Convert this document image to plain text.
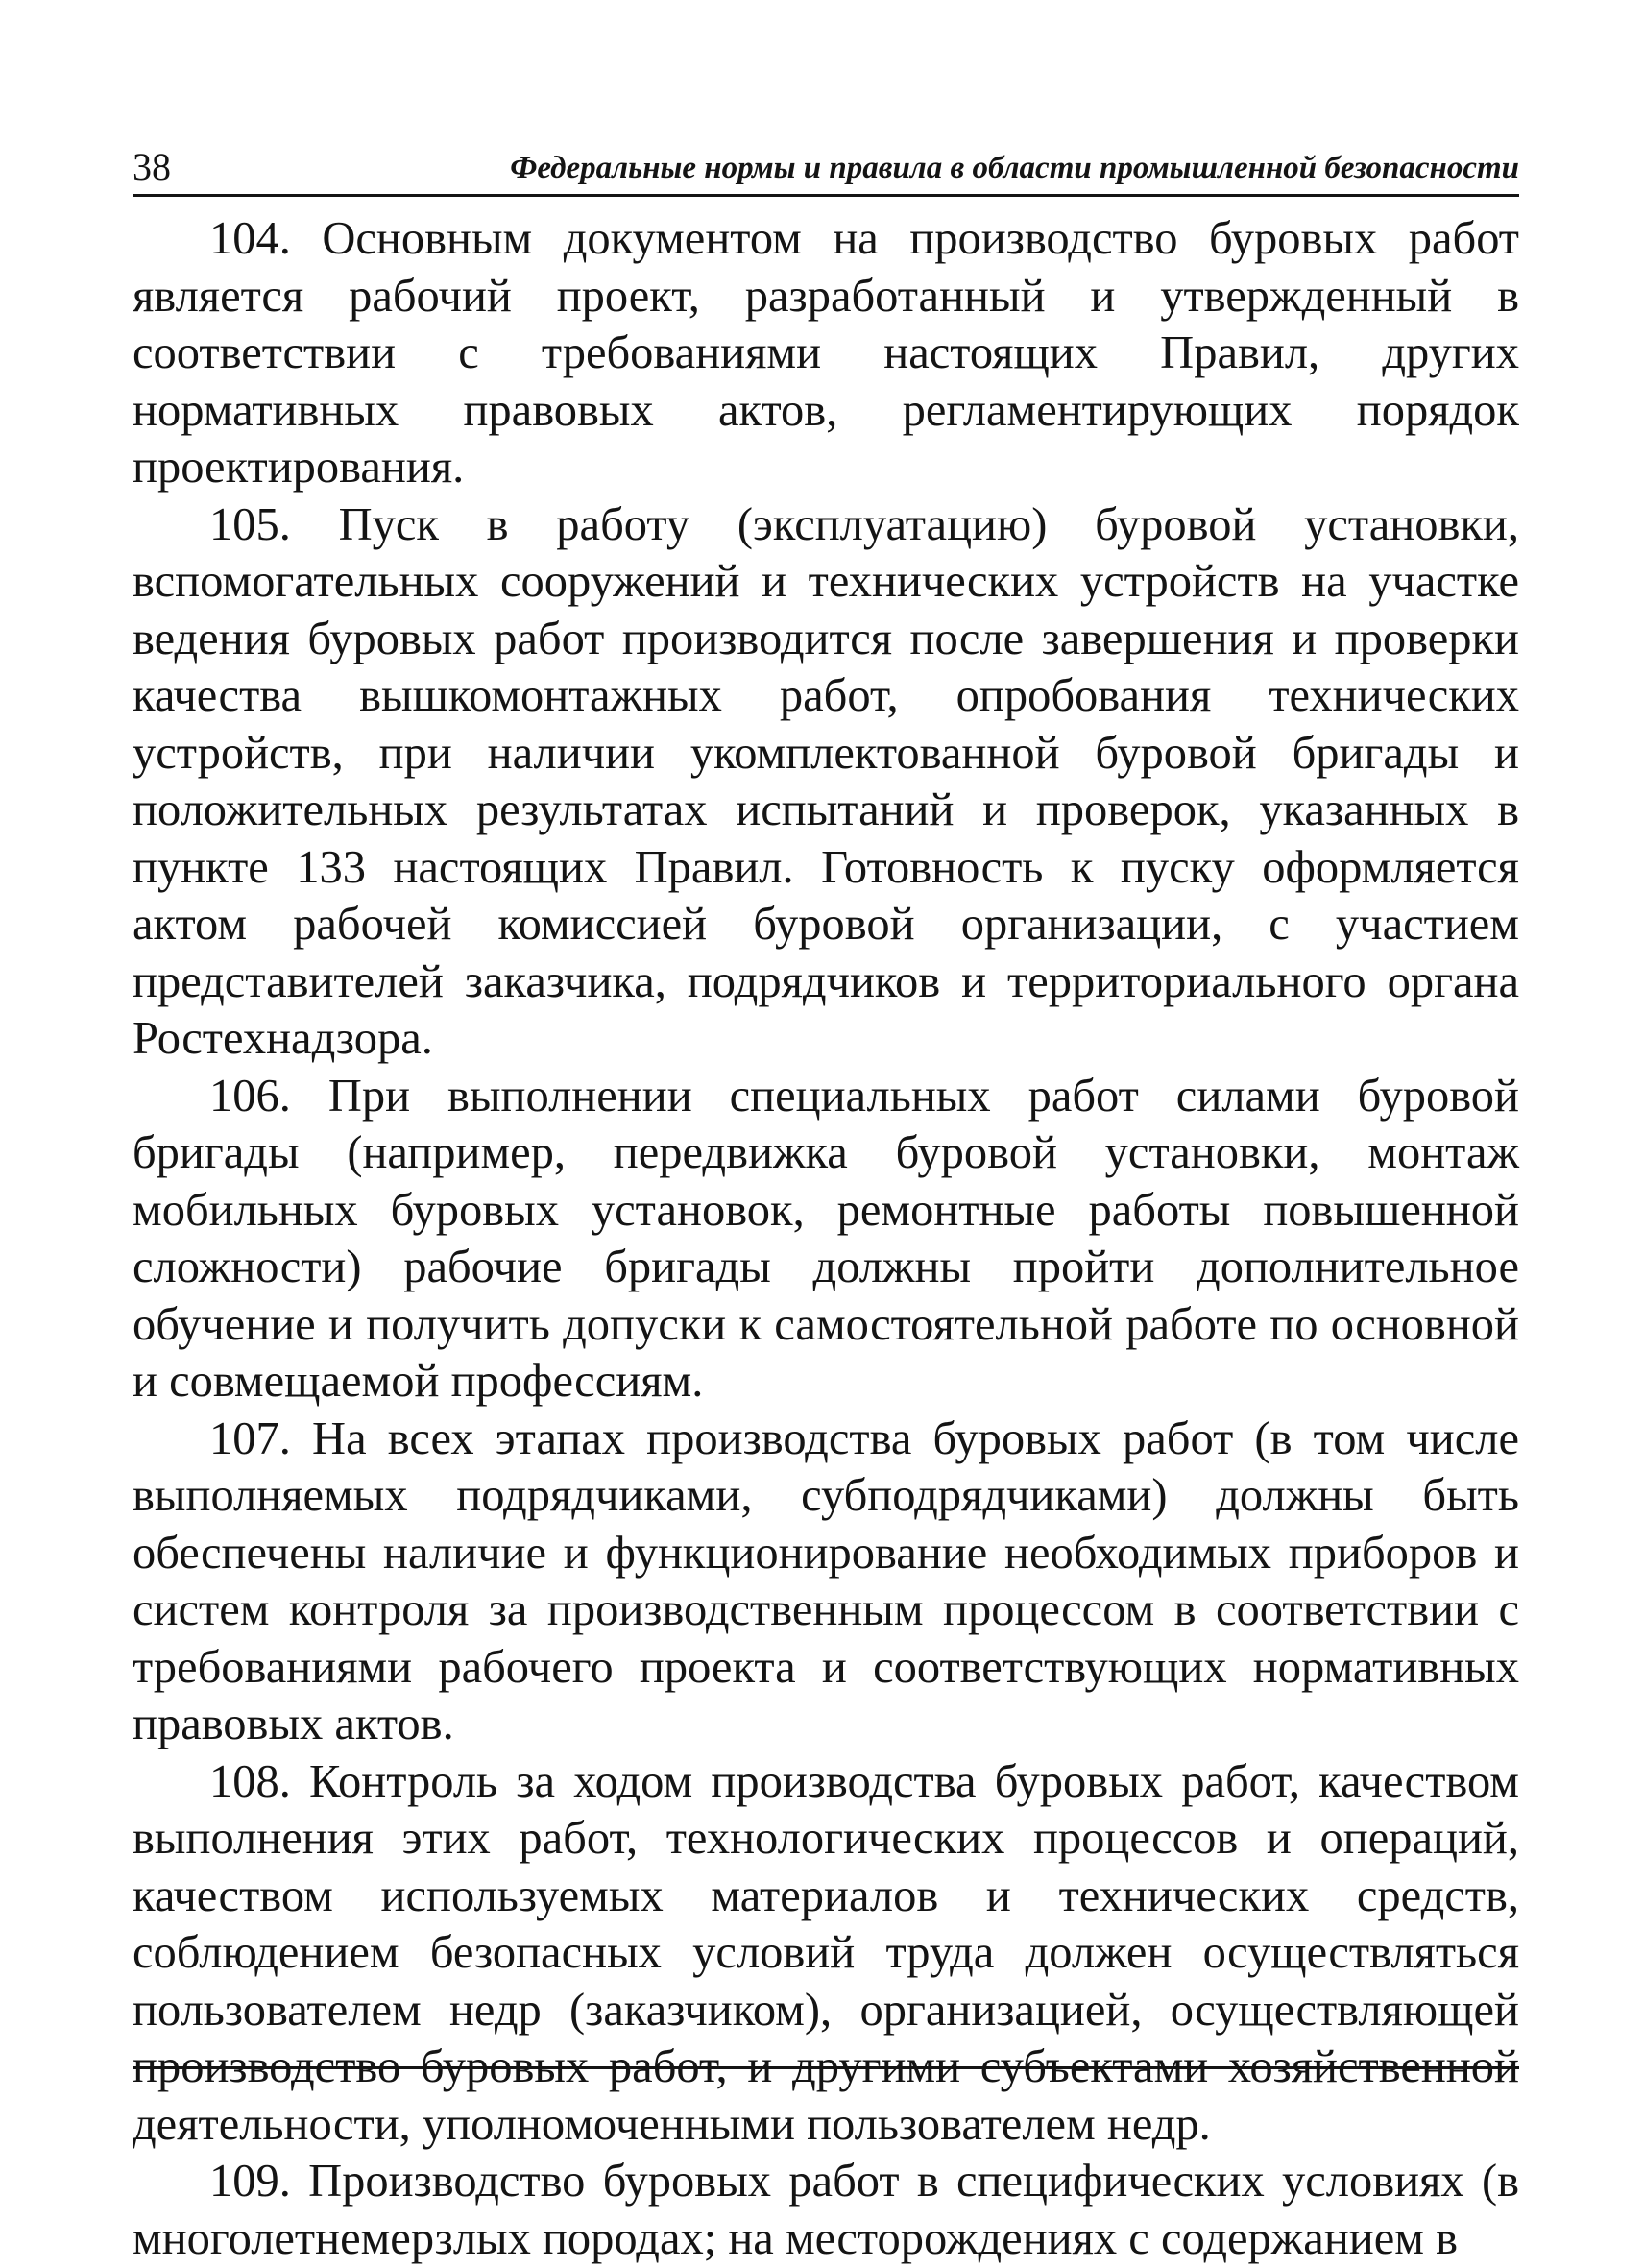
38	Федеральные нормы и правила в области промышленной безопасности

104. Основным документом на производство буровых работ является рабочий проект, разработанный и утвержденный в соответствии с требованиями настоящих Правил, других нормативных правовых актов, регламентирующих порядок проектирования.

105. Пуск в работу (эксплуатацию) буровой установки, вспомогательных сооружений и технических устройств на участке ведения буровых работ производится после завершения и проверки качества вышкомонтажных работ, опробования технических устройств, при наличии укомплектованной буровой бригады и положительных результатах испытаний и проверок, указанных в пункте 133 настоящих Правил. Готовность к пуску оформляется актом рабочей комиссией буровой организации, с участием представителей заказчика, подрядчиков и территориального органа Ростехнадзора.

106. При выполнении специальных работ силами буровой бригады (например, передвижка буровой установки, монтаж мобильных буровых установок, ремонтные работы повышенной сложности) рабочие бригады должны пройти дополнительное обучение и получить допуски к самостоятельной работе по основной и совмещаемой профессиям.

107. На всех этапах производства буровых работ (в том числе выполняемых подрядчиками, субподрядчиками) должны быть обеспечены наличие и функционирование необходимых приборов и систем контроля за производственным процессом в соответствии с требованиями рабочего проекта и соответствующих нормативных правовых актов.

108. Контроль за ходом производства буровых работ, качеством выполнения этих работ, технологических процессов и операций, качеством используемых материалов и технических средств, соблюдением безопасных условий труда должен осуществляться пользователем недр (заказчиком), организацией, осуществляющей производство буровых работ, и другими субъектами хозяйственной деятельности, уполномоченными пользователем недр.

109. Производство буровых работ в специфических условиях (в многолетнемерзлых породах; на месторождениях с содержанием в
